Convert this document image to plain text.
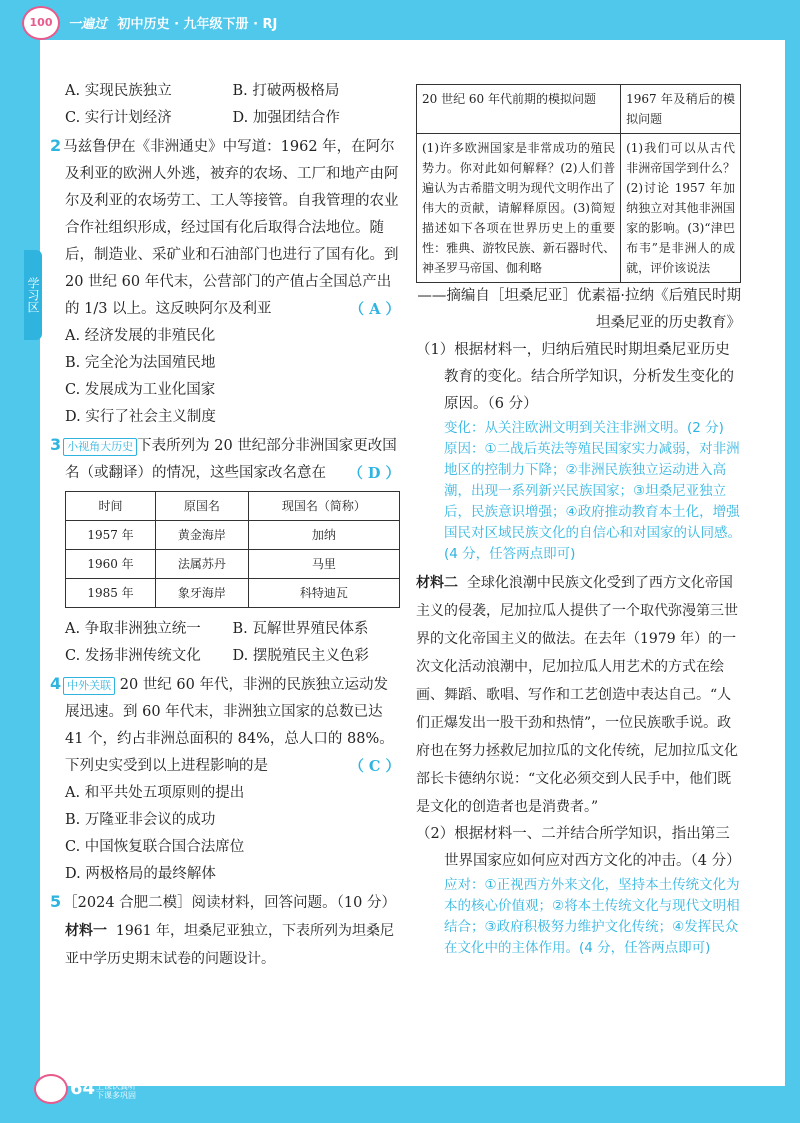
100	一遍过 初中历史 · 九年级下册 · RJ
学习区
A. 实现民族独立	B. 打破两极格局
C. 实行计划经济	D. 加强团结合作

2 马兹鲁伊在《非洲通史》中写道：1962 年，在阿尔及利亚的欧洲人外逃，被弃的农场、工厂和地产由阿尔及利亚的农场劳工、工人等接管。自我管理的农业合作社组织形成，经过国有化后取得合法地位。随后，制造业、采矿业和石油部门也进行了国有化。到 20 世纪 60 年代末，公营部门的产值占全国总产出的 1/3 以上。这反映阿尔及利亚	（ A ）

A. 经济发展的非殖民化

B. 完全沦为法国殖民地

C. 发展成为工业化国家

D. 实行了社会主义制度

3 小视角大历史 下表所列为 20 世纪部分非洲国家更改国名（或翻译）的情况，这些国家改名意在 （ D ）

时间	原国名	现国名（简称）
1957 年	黄金海岸	加纳
1960 年	法属苏丹	马里
1985 年	象牙海岸	科特迪瓦
A. 争取非洲独立统一	B. 瓦解世界殖民体系
C. 发扬非洲传统文化	D. 摆脱殖民主义色彩

4 中外关联 20 世纪 60 年代，非洲的民族独立运动发展迅速。到 60 年代末，非洲独立国家的总数已达 41 个，约占非洲总面积的 84%，总人口的 88%。下列史实受到以上进程影响的是	（ C ）

A. 和平共处五项原则的提出

B. 万隆亚非会议的成功

C. 中国恢复联合国合法席位

D. 两极格局的最终解体

5 ［2024 合肥二模］阅读材料，回答问题。（10 分）

材料一 1961 年，坦桑尼亚独立，下表所列为坦桑尼亚中学历史期末试卷的问题设计。

20 世纪 60 年代前期的模拟问题	1967 年及稍后的模拟问题
(1)许多欧洲国家是非常成功的殖民势力。你对此如何解释？(2)人们普遍认为古希腊文明为现代文明作出了伟大的贡献，请解释原因。(3)简短描述如下各项在世界历史上的重要性：雅典、游牧民族、新石器时代、神圣罗马帝国、伽利略	(1)我们可以从古代非洲帝国学到什么？(2)讨论 1957 年加纳独立对其他非洲国家的影响。(3)“津巴布韦”是非洲人的成就，评价该说法

——摘编自［坦桑尼亚］优素福·拉纳《后殖民时期坦桑尼亚的历史教育》

（1）根据材料一，归纳后殖民时期坦桑尼亚历史教育的变化。结合所学知识，分析发生变化的原因。（6 分）

变化：从关注欧洲文明到关注非洲文明。(2 分) 原因：①二战后英法等殖民国家实力减弱，对非洲地区的控制力下降；②非洲民族独立运动进入高潮，出现一系列新兴民族国家；③坦桑尼亚独立后，民族意识增强；④政府推动教育本土化，增强国民对区域民族文化的自信心和对国家的认同感。(4 分，任答两点即可)

材料二 全球化浪潮中民族文化受到了西方文化帝国主义的侵袭，尼加拉瓜人提供了一个取代弥漫第三世界的文化帝国主义的做法。在去年（1979 年）的一次文化活动浪潮中，尼加拉瓜人用艺术的方式在绘画、舞蹈、歌唱、写作和工艺创造中表达自己。“人们正爆发出一股干劲和热情”，一位民族歌手说。政府也在努力拯救尼加拉瓜的文化传统，尼加拉瓜文化部长卡德纳尔说：“文化必须交到人民手中，他们既是文化的创造者也是消费者。”

（2）根据材料一、二并结合所学知识，指出第三世界国家应如何应对西方文化的冲击。（4 分）

应对：①正视西方外来文化，坚持本土传统文化为本的核心价值观；②将本土传统文化与现代文明相结合；③政府积极努力维护文化传统；④发挥民众在文化中的主体作用。(4 分，任答两点即可)

64 上课认真听
下课多巩固
